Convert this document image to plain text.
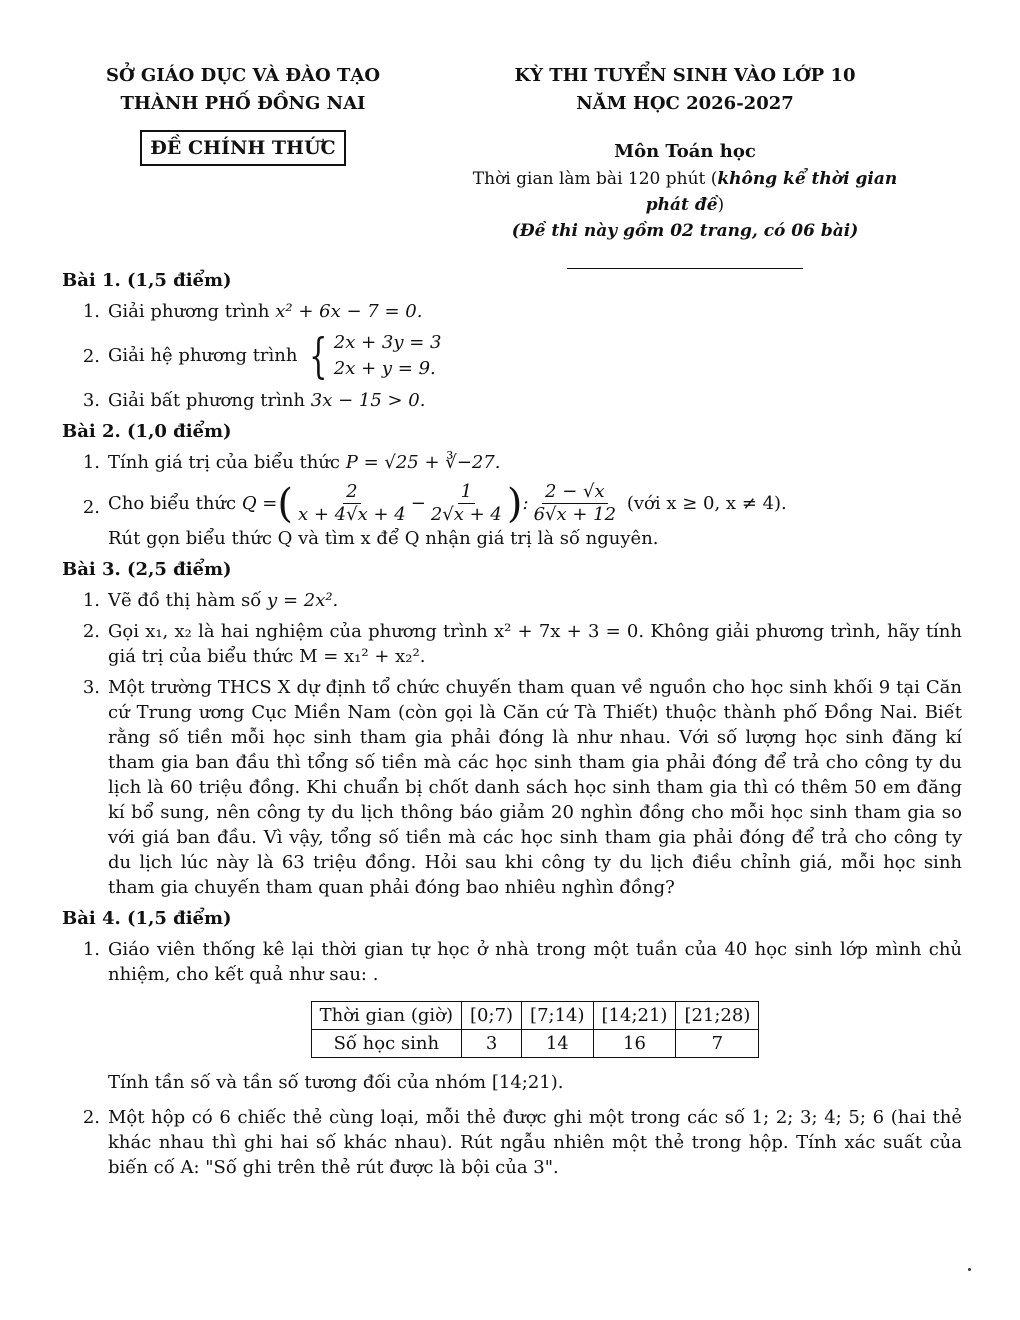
SỞ GIÁO DỤC VÀ ĐÀO TẠO
THÀNH PHỐ ĐỒNG NAI
ĐỀ CHÍNH THỨC
KỲ THI TUYỂN SINH VÀO LỚP 10
NĂM HỌC 2026-2027
Môn Toán học
Thời gian làm bài 120 phút (không kể thời gian phát đề)
(Đề thi này gồm 02 trang, có 06 bài)
Bài 1. (1,5 điểm)
1. Giải phương trình x² + 6x − 7 = 0.
2. Giải hệ phương trình { 2x + 3y = 3
2x + y = 9.
3. Giải bất phương trình 3x − 15 > 0.
Bài 2. (1,0 điểm)
1. Tính giá trị của biểu thức P = √25 + ∛−27.
2. Cho biểu thức
Q = ( $\frac{2}{x + 4√x + 4} - \frac{1}{2√x + 4}$ ) : $\frac{2 - √x}{6√x + 12}$
(với x ≥ 0, x ≠ 4).
Rút gọn biểu thức Q và tìm x để Q nhận giá trị là số nguyên.
Bài 3. (2,5 điểm)
1. Vẽ đồ thị hàm số y = 2x².
2. Gọi x₁, x₂ là hai nghiệm của phương trình x² + 7x + 3 = 0. Không giải phương trình, hãy tính giá trị của biểu thức M = x₁² + x₂².
3. Một trường THCS X dự định tổ chức chuyến tham quan về nguồn cho học sinh khối 9 tại Căn cứ Trung ương Cục Miền Nam (còn gọi là Căn cứ Tà Thiết) thuộc thành phố Đồng Nai. Biết rằng số tiền mỗi học sinh tham gia phải đóng là như nhau. Với số lượng học sinh đăng kí tham gia ban đầu thì tổng số tiền mà các học sinh tham gia phải đóng để trả cho công ty du lịch là 60 triệu đồng. Khi chuẩn bị chốt danh sách học sinh tham gia thì có thêm 50 em đăng kí bổ sung, nên công ty du lịch thông báo giảm 20 nghìn đồng cho mỗi học sinh tham gia so với giá ban đầu. Vì vậy, tổng số tiền mà các học sinh tham gia phải đóng để trả cho công ty du lịch lúc này là 63 triệu đồng. Hỏi sau khi công ty du lịch điều chỉnh giá, mỗi học sinh tham gia chuyến tham quan phải đóng bao nhiêu nghìn đồng?
Bài 4. (1,5 điểm)
1. Giáo viên thống kê lại thời gian tự học ở nhà trong một tuần của 40 học sinh lớp mình chủ nhiệm, cho kết quả như sau: .
Thời gian (giờ)	[0;7)	[7;14)	[14;21)	[21;28)
Số học sinh	3	14	16	7
Tính tần số và tần số tương đối của nhóm [14;21).
2. Một hộp có 6 chiếc thẻ cùng loại, mỗi thẻ được ghi một trong các số 1; 2; 3; 4; 5; 6 (hai thẻ khác nhau thì ghi hai số khác nhau). Rút ngẫu nhiên một thẻ trong hộp. Tính xác suất của biến cố A: "Số ghi trên thẻ rút được là bội của 3".
